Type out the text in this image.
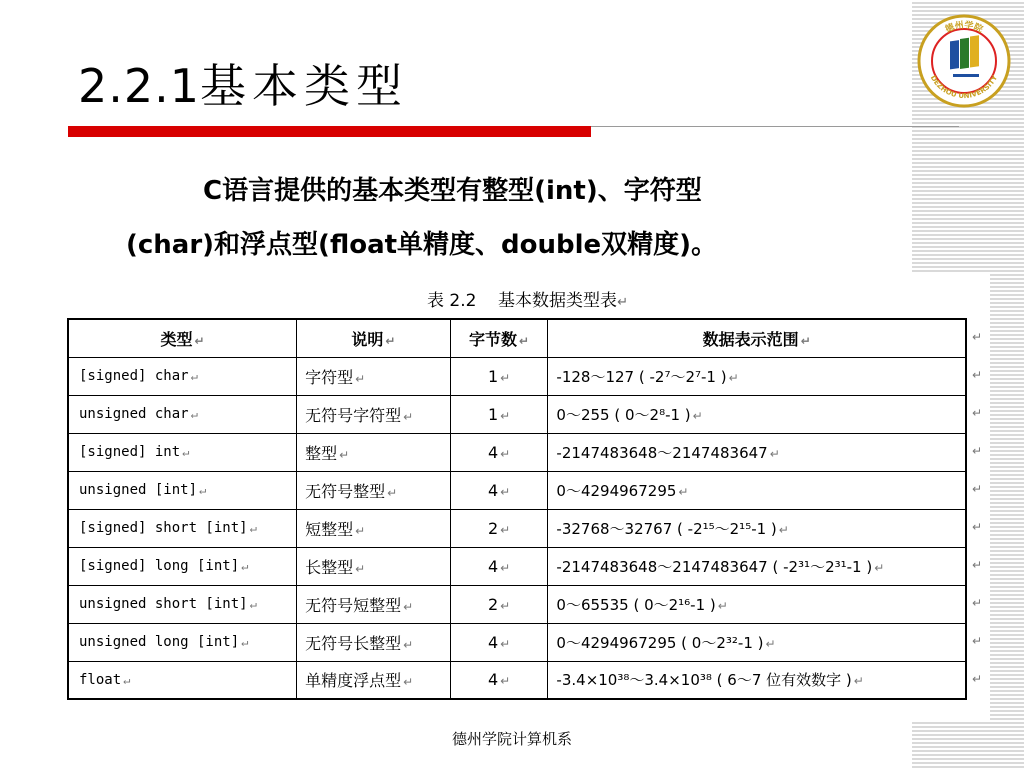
2.2.1基本类型
德州学院
DEZHOU UNIVERSITY
C语言提供的基本类型有整型(int)、字符型
(char)和浮点型(float单精度、double双精度)。
表 2.2    基本数据类型表↵
类型 ↵	说明 ↵	字节数 ↵	数据表示范围 ↵
[signed] char ↵	字符型 ↵	1 ↵	-128～127 ( -2⁷～2⁷-1 ) ↵
unsigned char ↵	无符号字符型 ↵	1 ↵	0～255 ( 0～2⁸-1 ) ↵
[signed] int ↵	整型 ↵	4 ↵	-2147483648～2147483647 ↵
unsigned [int] ↵	无符号整型 ↵	4 ↵	0～4294967295 ↵
[signed] short [int] ↵	短整型 ↵	2 ↵	-32768～32767 ( -2¹⁵～2¹⁵-1 ) ↵
[signed] long [int] ↵	长整型 ↵	4 ↵	-2147483648～2147483647 ( -2³¹～2³¹-1 ) ↵
unsigned short [int] ↵	无符号短整型 ↵	2 ↵	0～65535 ( 0～2¹⁶-1 ) ↵
unsigned long [int] ↵	无符号长整型 ↵	4 ↵	0～4294967295 ( 0～2³²-1 ) ↵
float ↵	单精度浮点型 ↵	4 ↵	-3.4×10³⁸～3.4×10³⁸ ( 6～7 位有效数字 ) ↵
↵
↵
↵
↵
↵
↵
↵
↵
↵
↵
德州学院计算机系
